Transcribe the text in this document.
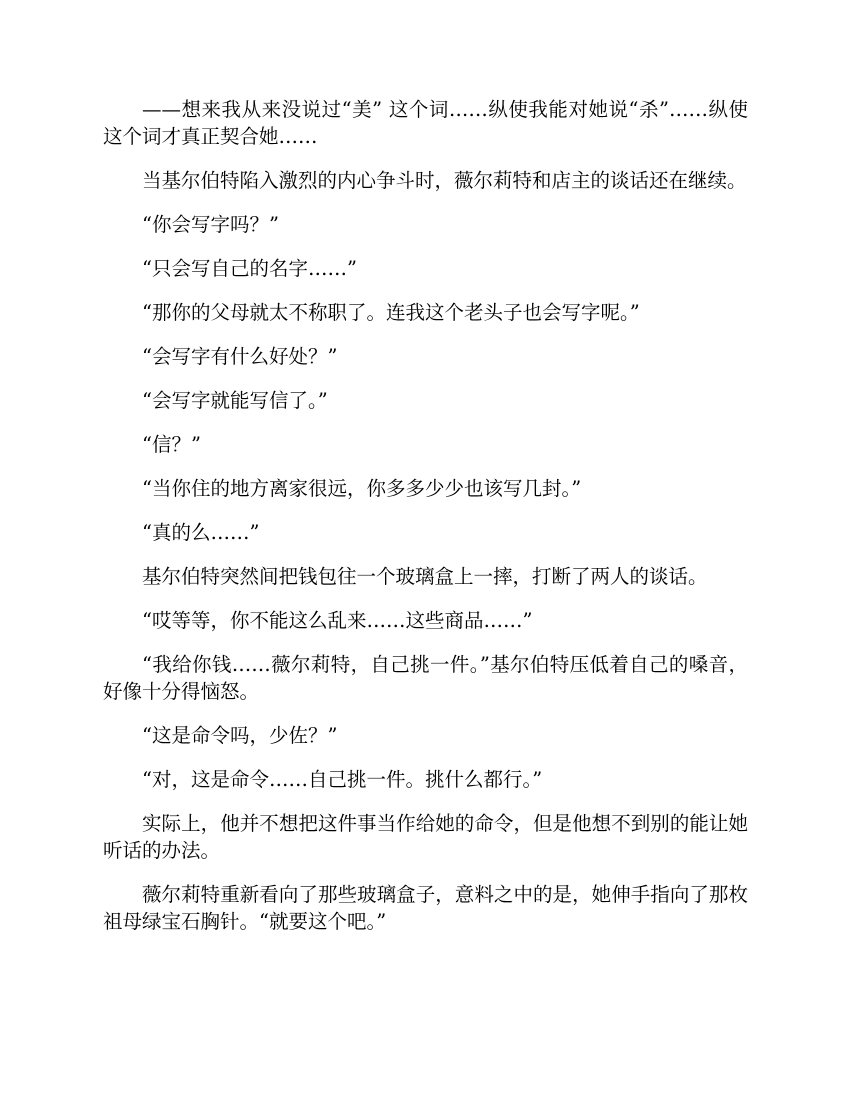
——想来我从来没说过“美” 这个词……纵使我能对她说“杀”……纵使这个词才真正契合她……

当基尔伯特陷入激烈的内心争斗时，薇尔莉特和店主的谈话还在继续。

“你会写字吗？”

“只会写自己的名字……”

“那你的父母就太不称职了。连我这个老头子也会写字呢。”

“会写字有什么好处？”

“会写字就能写信了。”

“信？”

“当你住的地方离家很远，你多多少少也该写几封。”

“真的么……”

基尔伯特突然间把钱包往一个玻璃盒上一摔，打断了两人的谈话。

“哎等等，你不能这么乱来……这些商品……”

“我给你钱……薇尔莉特，自己挑一件。”基尔伯特压低着自己的嗓音，好像十分得恼怒。

“这是命令吗，少佐？”

“对，这是命令……自己挑一件。挑什么都行。”

实际上，他并不想把这件事当作给她的命令，但是他想不到别的能让她听话的办法。

薇尔莉特重新看向了那些玻璃盒子，意料之中的是，她伸手指向了那枚祖母绿宝石胸针。“就要这个吧。”
